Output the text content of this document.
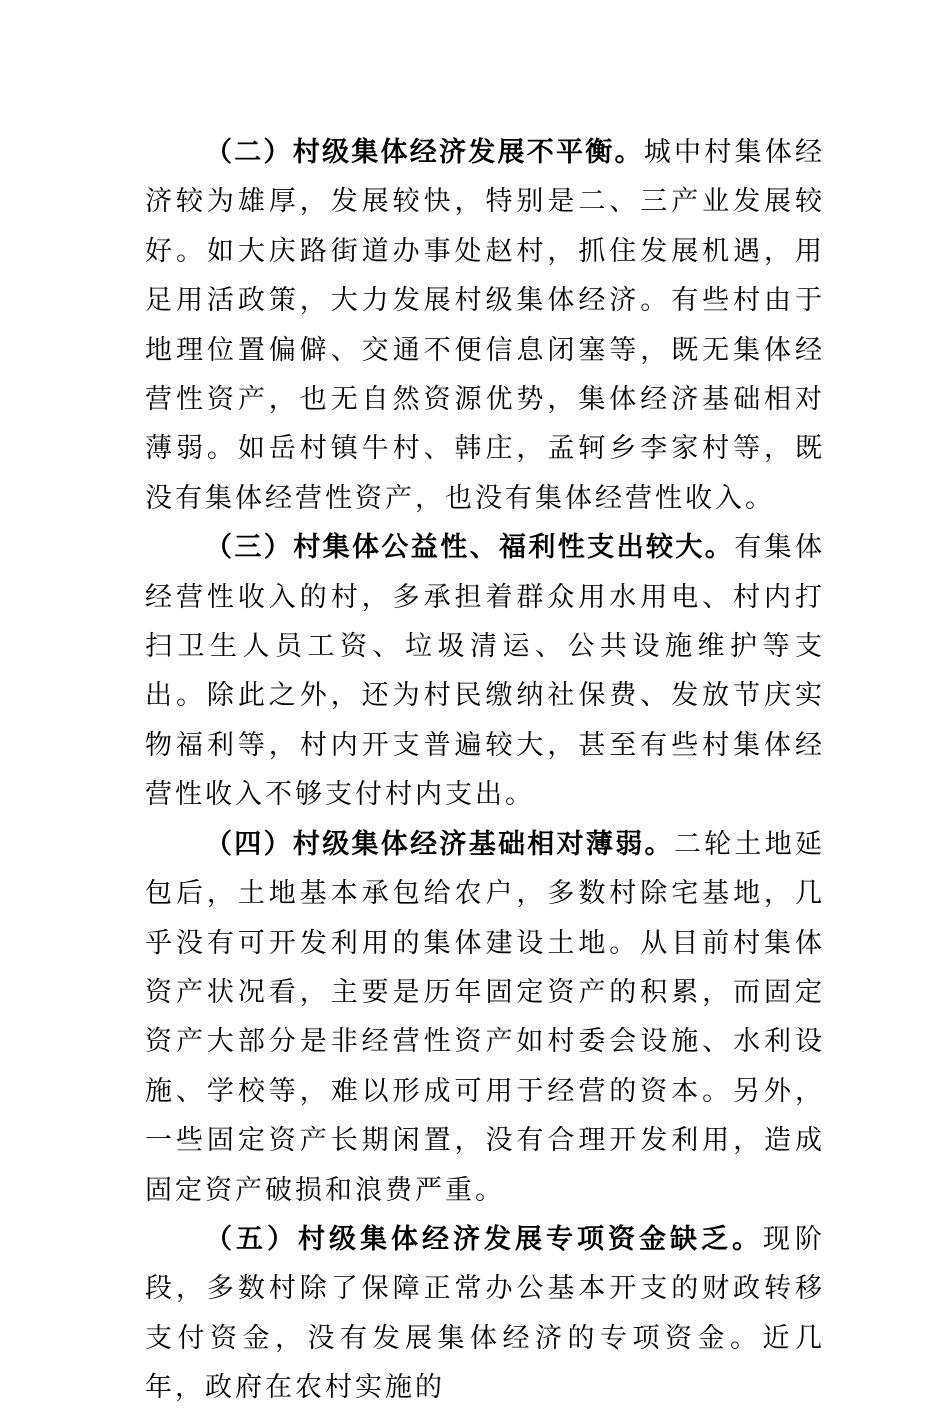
（二）村级集体经济发展不平衡。城中村集体经济较为雄厚，发展较快，特别是二、三产业发展较好。如大庆路街道办事处赵村，抓住发展机遇，用足用活政策，大力发展村级集体经济。有些村由于地理位置偏僻、交通不便信息闭塞等，既无集体经营性资产，也无自然资源优势，集体经济基础相对薄弱。如岳村镇牛村、韩庄，孟轲乡李家村等，既没有集体经营性资产，也没有集体经营性收入。

（三）村集体公益性、福利性支出较大。有集体经营性收入的村，多承担着群众用水用电、村内打扫卫生人员工资、垃圾清运、公共设施维护等支出。除此之外，还为村民缴纳社保费、发放节庆实物福利等，村内开支普遍较大，甚至有些村集体经营性收入不够支付村内支出。

（四）村级集体经济基础相对薄弱。二轮土地延包后，土地基本承包给农户，多数村除宅基地，几乎没有可开发利用的集体建设土地。从目前村集体资产状况看，主要是历年固定资产的积累，而固定资产大部分是非经营性资产如村委会设施、水利设施、学校等，难以形成可用于经营的资本。另外，一些固定资产长期闲置，没有合理开发利用，造成固定资产破损和浪费严重。

（五）村级集体经济发展专项资金缺乏。现阶段，多数村除了保障正常办公基本开支的财政转移支付资金，没有发展集体经济的专项资金。近几年，政府在农村实施的
